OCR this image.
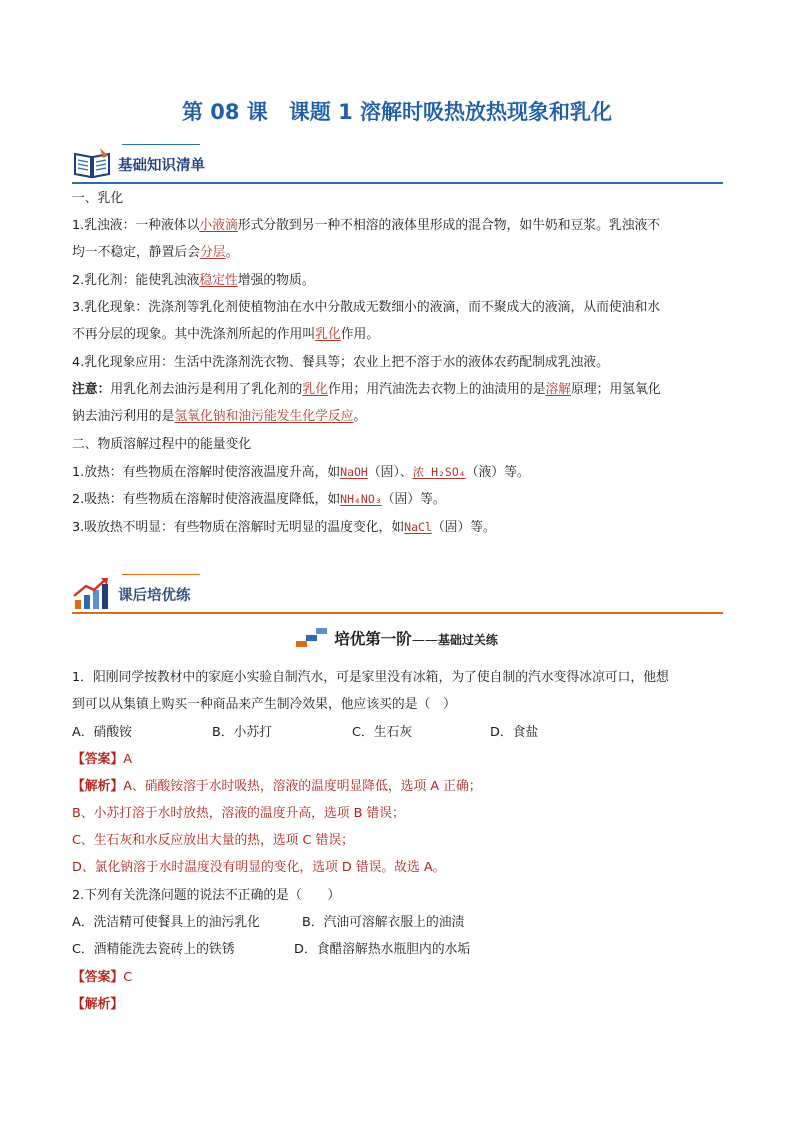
第 08 课　课题 1 溶解时吸热放热现象和乳化
基础知识清单
一、乳化
1.乳浊液：一种液体以小液滴形式分散到另一种不相溶的液体里形成的混合物，如牛奶和豆浆。乳浊液不
均一不稳定，静置后会分层。
2.乳化剂：能使乳浊液稳定性增强的物质。
3.乳化现象：洗涤剂等乳化剂使植物油在水中分散成无数细小的液滴，而不聚成大的液滴，从而使油和水
不再分层的现象。其中洗涤剂所起的作用叫乳化作用。
4.乳化现象应用：生活中洗涤剂洗衣物、餐具等；农业上把不溶于水的液体农药配制成乳浊液。
注意：用乳化剂去油污是利用了乳化剂的乳化作用；用汽油洗去衣物上的油渍用的是溶解原理；用氢氧化
钠去油污利用的是氢氧化钠和油污能发生化学反应。
二、物质溶解过程中的能量变化
1.放热：有些物质在溶解时使溶液温度升高，如NaOH（固）、浓 H₂SO₄（液）等。
2.吸热：有些物质在溶解时使溶液温度降低，如NH₄NO₃（固）等。
3.吸放热不明显：有些物质在溶解时无明显的温度变化，如NaCl（固）等。
课后培优练
培优第一阶——基础过关练
1．阳刚同学按教材中的家庭小实验自制汽水，可是家里没有冰箱，为了使自制的汽水变得冰凉可口，他想
到可以从集镇上购买一种商品来产生制冷效果，他应该买的是（　）
A．硝酸铵	B．小苏打	C．生石灰	D．食盐
【答案】A
【解析】A、硝酸铵溶于水时吸热，溶液的温度明显降低，选项 A 正确；
B、小苏打溶于水时放热，溶液的温度升高，选项 B 错误；
C、生石灰和水反应放出大量的热，选项 C 错误；
D、氯化钠溶于水时温度没有明显的变化，选项 D 错误。故选 A。
2.下列有关洗涤问题的说法不正确的是（　　）
A．洗洁精可使餐具上的油污乳化	B．汽油可溶解衣服上的油渍
C．酒精能洗去瓷砖上的铁锈	D．食醋溶解热水瓶胆内的水垢
【答案】C
【解析】
